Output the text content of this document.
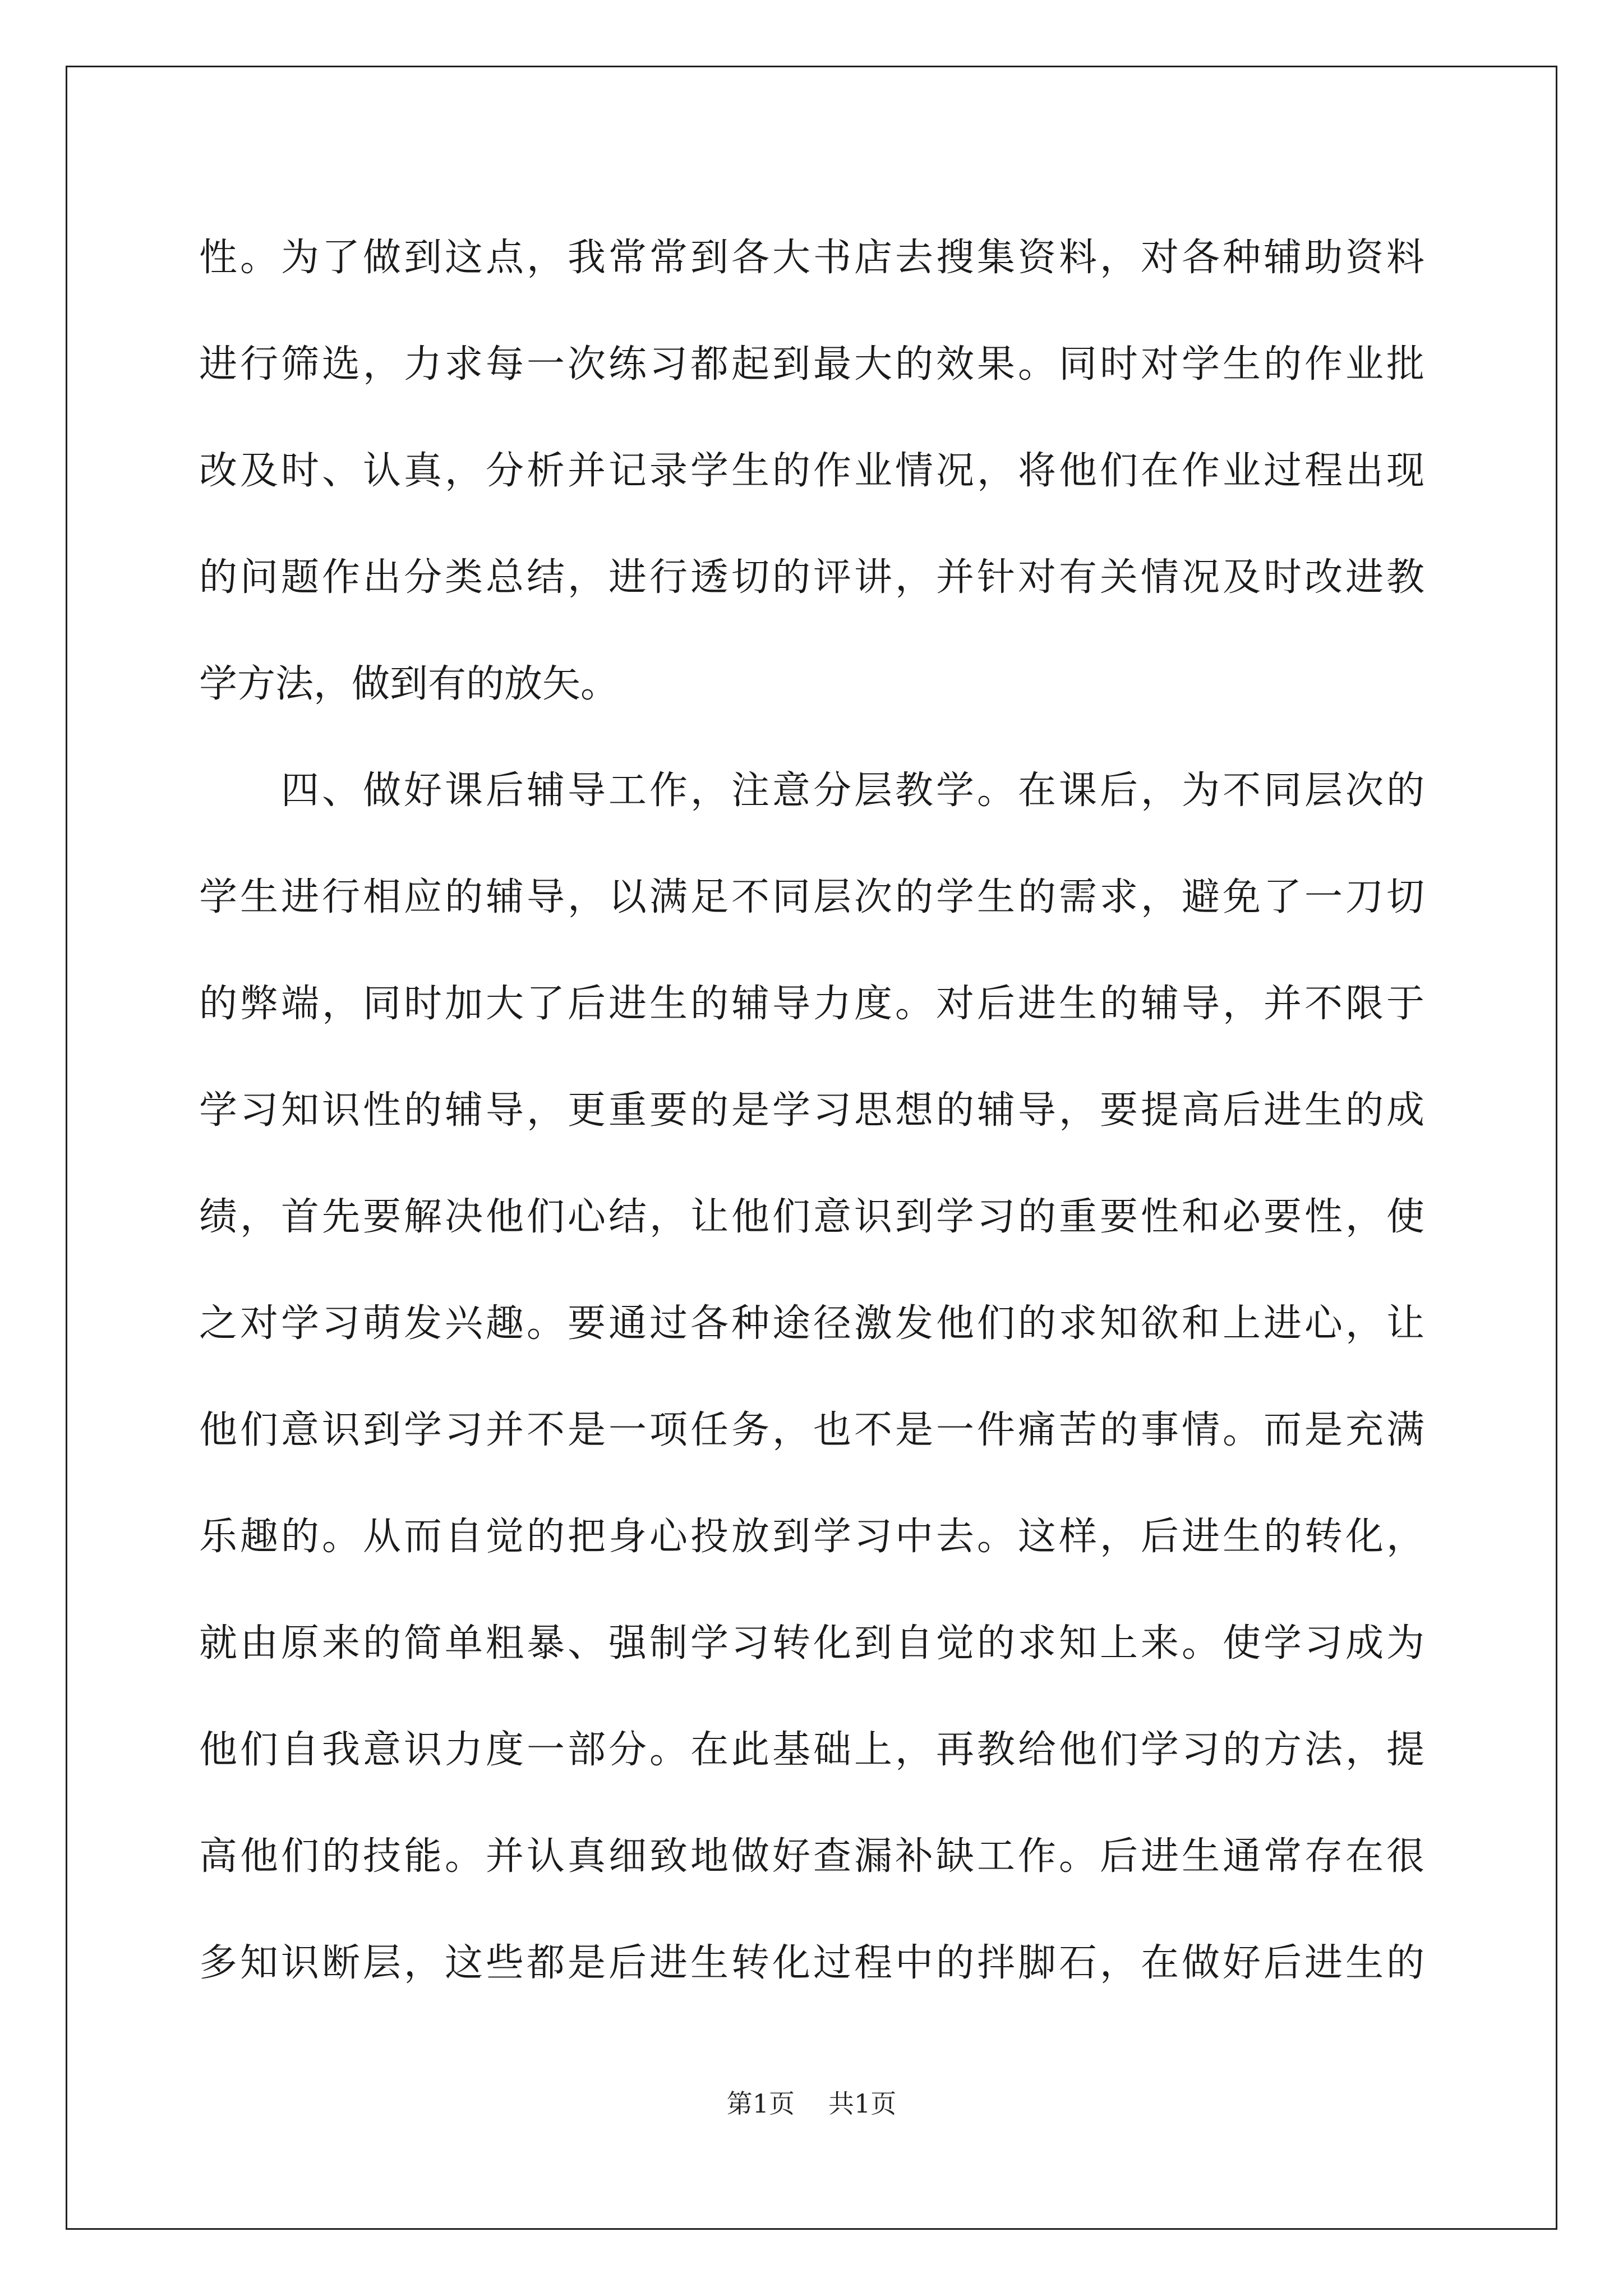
性。为了做到这点，我常常到各大书店去搜集资料，对各种辅助资料
进行筛选，力求每一次练习都起到最大的效果。同时对学生的作业批
改及时、认真，分析并记录学生的作业情况，将他们在作业过程出现
的问题作出分类总结，进行透切的评讲，并针对有关情况及时改进教
学方法，做到有的放矢。
　　四、做好课后辅导工作，注意分层教学。在课后，为不同层次的
学生进行相应的辅导，以满足不同层次的学生的需求，避免了一刀切
的弊端，同时加大了后进生的辅导力度。对后进生的辅导，并不限于
学习知识性的辅导，更重要的是学习思想的辅导，要提高后进生的成
绩，首先要解决他们心结，让他们意识到学习的重要性和必要性，使
之对学习萌发兴趣。要通过各种途径激发他们的求知欲和上进心，让
他们意识到学习并不是一项任务，也不是一件痛苦的事情。而是充满
乐趣的。从而自觉的把身心投放到学习中去。这样，后进生的转化，
就由原来的简单粗暴、强制学习转化到自觉的求知上来。使学习成为
他们自我意识力度一部分。在此基础上，再教给他们学习的方法，提
高他们的技能。并认真细致地做好查漏补缺工作。后进生通常存在很
多知识断层，这些都是后进生转化过程中的拌脚石，在做好后进生的
第1页 共1页
